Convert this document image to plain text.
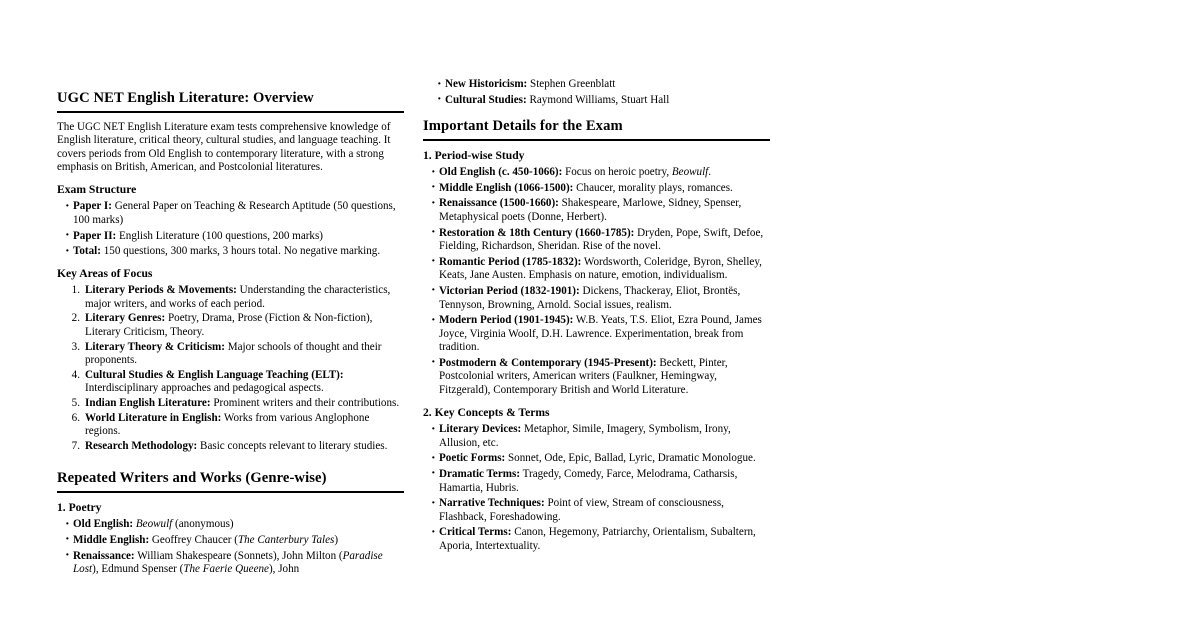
UGC NET English Literature: Overview

The UGC NET English Literature exam tests comprehensive knowledge of English literature, critical theory, cultural studies, and language teaching. It covers periods from Old English to contemporary literature, with a strong emphasis on British, American, and Postcolonial literatures.

Exam Structure
· Paper I: General Paper on Teaching & Research Aptitude (50 questions, 100 marks)
· Paper II: English Literature (100 questions, 200 marks)
· Total: 150 questions, 300 marks, 3 hours total. No negative marking.
Key Areas of Focus
Literary Periods & Movements: Understanding the characteristics, major writers, and works of each period.
Literary Genres: Poetry, Drama, Prose (Fiction & Non-fiction), Literary Criticism, Theory.
Literary Theory & Criticism: Major schools of thought and their proponents.
Cultural Studies & English Language Teaching (ELT): Interdisciplinary approaches and pedagogical aspects.
Indian English Literature: Prominent writers and their contributions.
World Literature in English: Works from various Anglophone regions.
Research Methodology: Basic concepts relevant to literary studies.
Repeated Writers and Works (Genre-wise)
1. Poetry
· Old English: Beowulf (anonymous)
· Middle English: Geoffrey Chaucer (The Canterbury Tales)
· Renaissance: William Shakespeare (Sonnets), John Milton (Paradise Lost), Edmund Spenser (The Faerie Queene), John
· New Historicism: Stephen Greenblatt
· Cultural Studies: Raymond Williams, Stuart Hall
Important Details for the Exam
1. Period-wise Study
· Old English (c. 450-1066): Focus on heroic poetry, Beowulf.
· Middle English (1066-1500): Chaucer, morality plays, romances.
· Renaissance (1500-1660): Shakespeare, Marlowe, Sidney, Spenser, Metaphysical poets (Donne, Herbert).
· Restoration & 18th Century (1660-1785): Dryden, Pope, Swift, Defoe, Fielding, Richardson, Sheridan. Rise of the novel.
· Romantic Period (1785-1832): Wordsworth, Coleridge, Byron, Shelley, Keats, Jane Austen. Emphasis on nature, emotion, individualism.
· Victorian Period (1832-1901): Dickens, Thackeray, Eliot, Brontës, Tennyson, Browning, Arnold. Social issues, realism.
· Modern Period (1901-1945): W.B. Yeats, T.S. Eliot, Ezra Pound, James Joyce, Virginia Woolf, D.H. Lawrence. Experimentation, break from tradition.
· Postmodern & Contemporary (1945-Present): Beckett, Pinter, Postcolonial writers, American writers (Faulkner, Hemingway, Fitzgerald), Contemporary British and World Literature.
2. Key Concepts & Terms
· Literary Devices: Metaphor, Simile, Imagery, Symbolism, Irony, Allusion, etc.
· Poetic Forms: Sonnet, Ode, Epic, Ballad, Lyric, Dramatic Monologue.
· Dramatic Terms: Tragedy, Comedy, Farce, Melodrama, Catharsis, Hamartia, Hubris.
· Narrative Techniques: Point of view, Stream of consciousness, Flashback, Foreshadowing.
· Critical Terms: Canon, Hegemony, Patriarchy, Orientalism, Subaltern, Aporia, Intertextuality.
